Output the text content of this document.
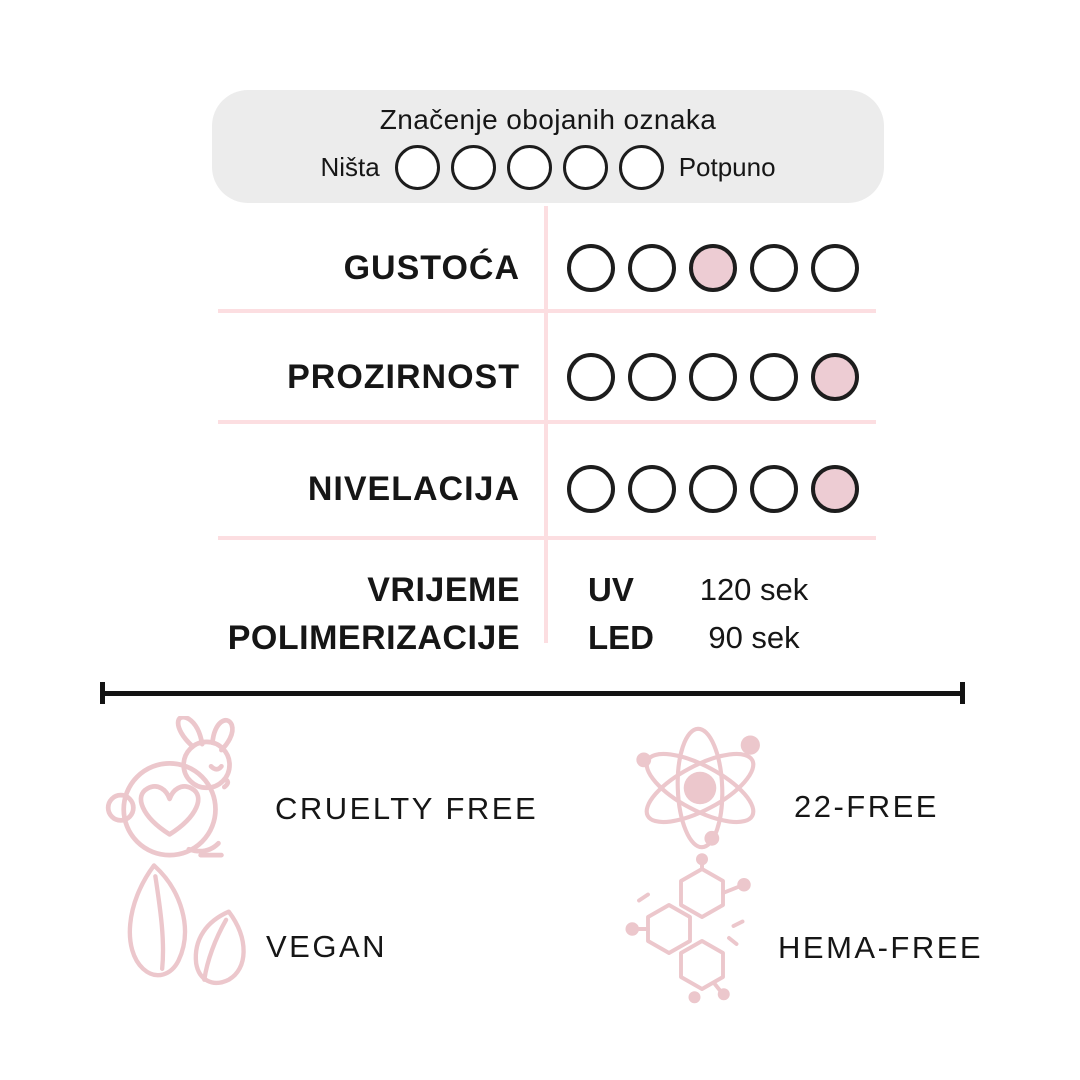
Značenje obojanih oznaka
Ništa	Potpuno
GUSTOĆA
PROZIRNOST
NIVELACIJA
VRIJEME
POLIMERIZACIJE
UV	120 sek
LED	90 sek
CRUELTY FREE	22-FREE
VEGAN	HEMA-FREE
